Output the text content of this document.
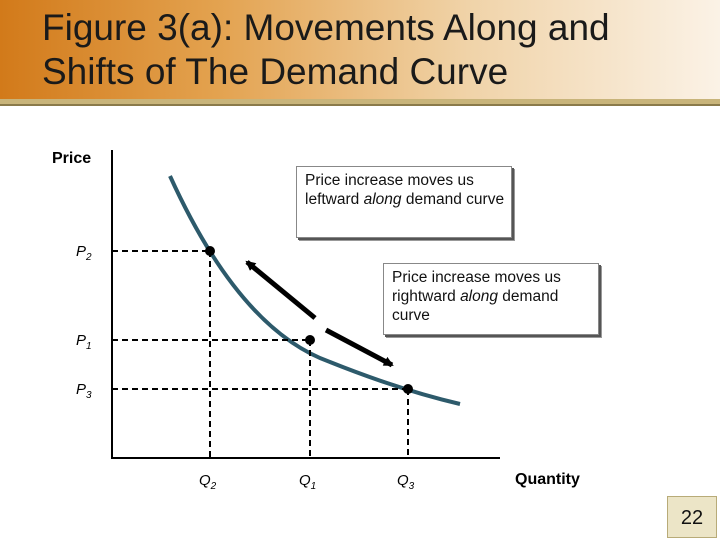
Figure 3(a): Movements Along and
Shifts of The Demand Curve
Price increase moves us leftward along demand curve
Price increase moves us rightward along demand curve
Price
Quantity
$P_2$
$P_1$
$P_3$
$Q_2$	$Q_1$	$Q_3$
22
